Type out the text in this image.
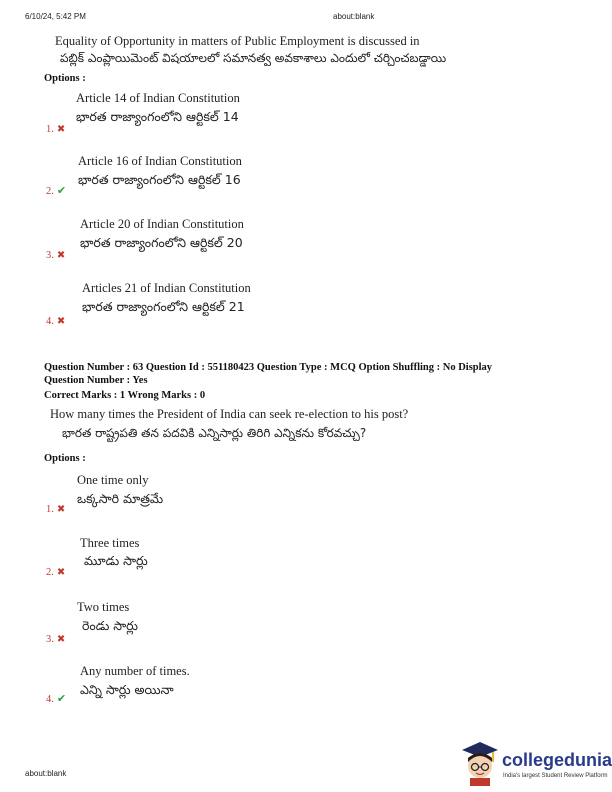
6/10/24, 5:42 PM	about:blank
Equality of Opportunity in matters of Public Employment is discussed in
పబ్లిక్ ఎంప్లాయిమెంట్ విషయాలలో సమానత్వ అవకాశాలు ఎందులో చర్చించబడ్డాయి
Options :
Article 14 of Indian Constitution
భారత రాజ్యాంగంలోని ఆర్టికల్ 14
1. ✖
Article 16 of Indian Constitution
భారత రాజ్యాంగంలోని ఆర్టికల్ 16
2. ✔
Article 20 of Indian Constitution
భారత రాజ్యాంగంలోని ఆర్టికల్ 20
3. ✖
Articles 21 of Indian Constitution
భారత రాజ్యాంగంలోని ఆర్టికల్ 21
4. ✖
Question Number : 63 Question Id : 551180423 Question Type : MCQ Option Shuffling : No Display
Question Number : Yes
Correct Marks : 1 Wrong Marks : 0
How many times the President of India can seek re-election to his post?
భారత రాష్ట్రపతి తన పదవికి ఎన్నిసార్లు తిరిగి ఎన్నికను కోరవచ్చు?
Options :
One time only
ఒక్కసారి మాత్రమే
1. ✖
Three times
మూడు సార్లు
2. ✖
Two times
రెండు సార్లు
3. ✖
Any number of times.
ఎన్ని సార్లు అయినా
4. ✔
about:blank
collegedunia
India's largest Student Review Platform
